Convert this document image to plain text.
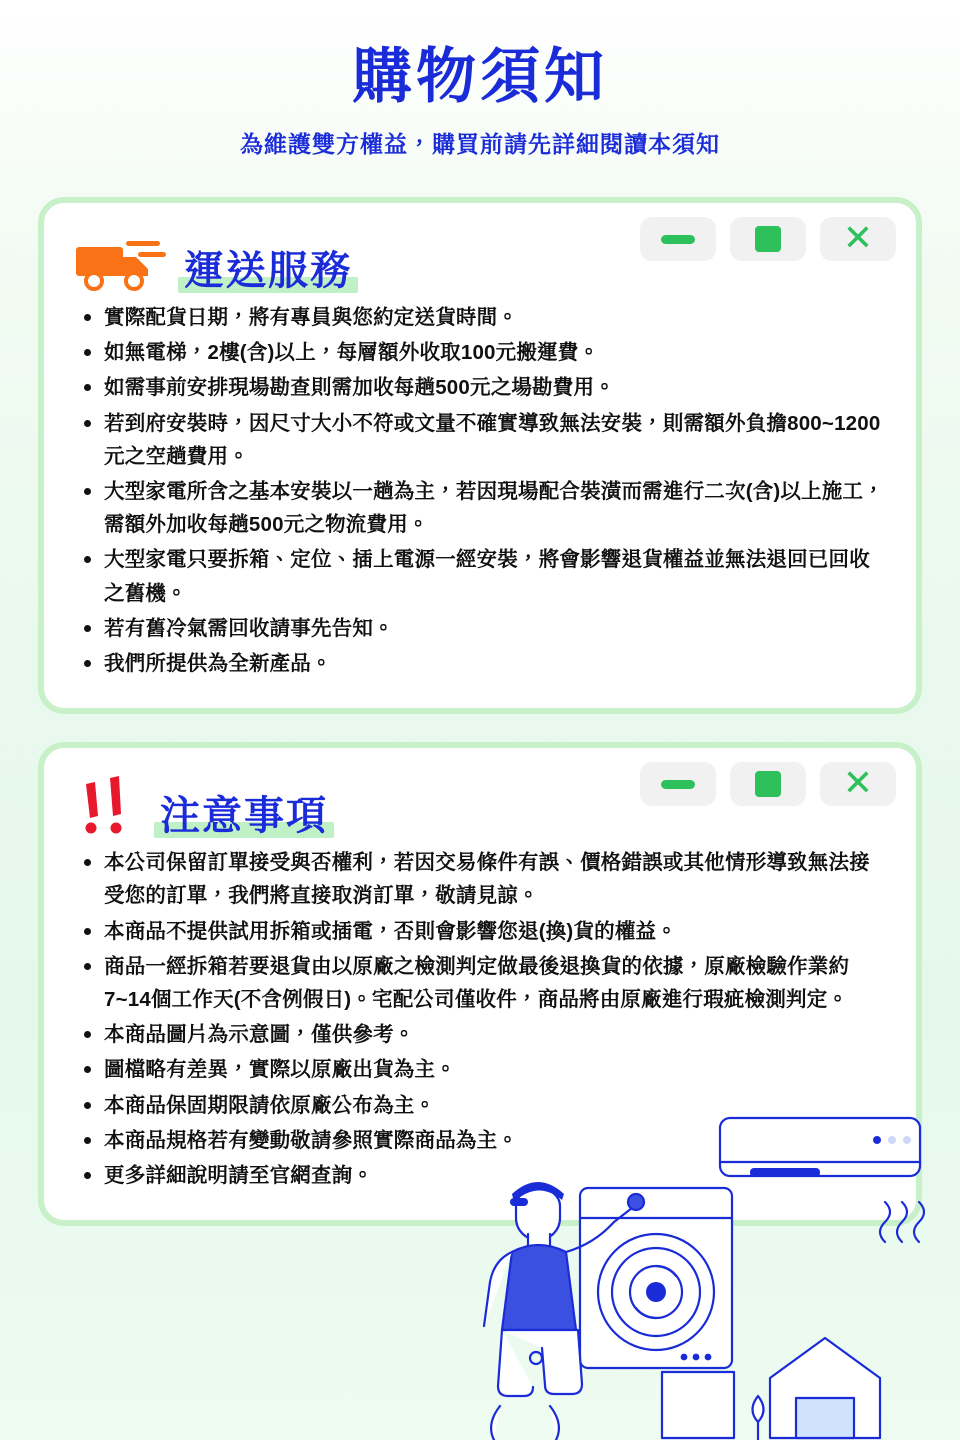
購物須知

為維護雙方權益，購買前請先詳細閱讀本須知

✕
運送服務
實際配貨日期，將有專員與您約定送貨時間。
如無電梯，2樓(含)以上，每層額外收取100元搬運費。
如需事前安排現場勘查則需加收每趟500元之場勘費用。
若到府安裝時，因尺寸大小不符或文量不確實導致無法安裝，則需額外負擔800~1200元之空趟費用。
大型家電所含之基本安裝以一趟為主，若因現場配合裝潢而需進行二次(含)以上施工，需額外加收每趟500元之物流費用。
大型家電只要拆箱、定位、插上電源一經安裝，將會影響退貨權益並無法退回已回收之舊機。
若有舊冷氣需回收請事先告知。
我們所提供為全新產品。
✕
注意事項
本公司保留訂單接受與否權利，若因交易條件有誤、價格錯誤或其他情形導致無法接受您的訂單，我們將直接取消訂單，敬請見諒。
本商品不提供試用拆箱或插電，否則會影響您退(換)貨的權益。
商品一經拆箱若要退貨由以原廠之檢測判定做最後退換貨的依據，原廠檢驗作業約7~14個工作天(不含例假日)。宅配公司僅收件，商品將由原廠進行瑕疵檢測判定。
本商品圖片為示意圖，僅供參考。
圖檔略有差異，實際以原廠出貨為主。
本商品保固期限請依原廠公布為主。
本商品規格若有變動敬請參照實際商品為主。
更多詳細說明請至官網查詢。
